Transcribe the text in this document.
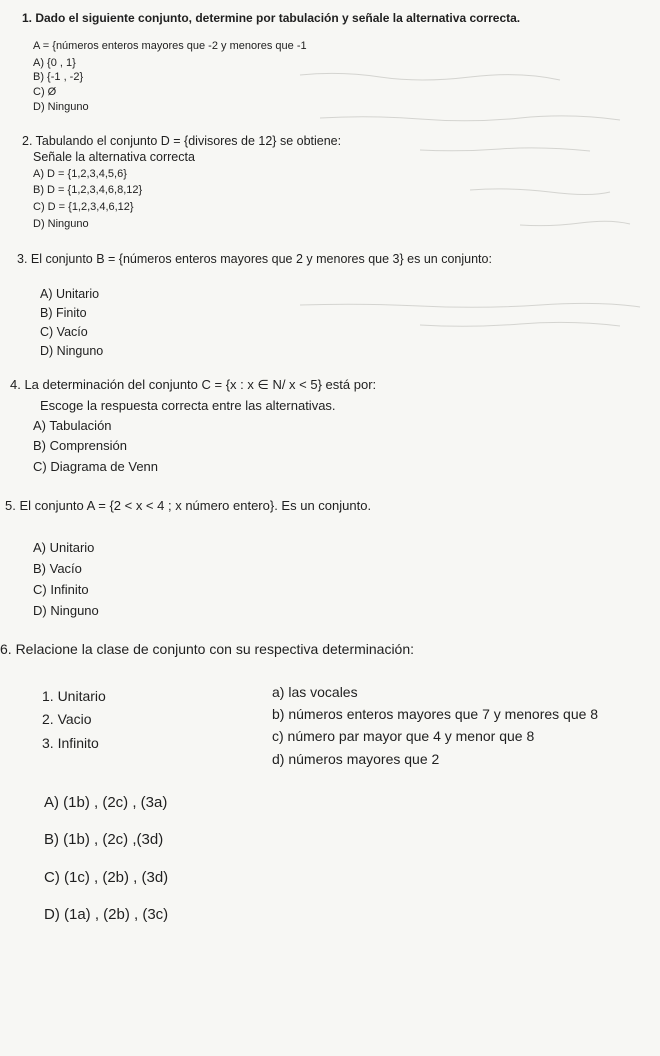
1. Dado el siguiente conjunto, determine por tabulación y señale la alternativa correcta.
A = {números enteros mayores que -2 y menores que -1
A) {0 , 1}
B) {-1 , -2}
C) Ø
D) Ninguno
2. Tabulando el conjunto D = {divisores de 12} se obtiene:
Señale la alternativa correcta
A) D = {1,2,3,4,5,6}
B) D = {1,2,3,4,6,8,12}
C) D = {1,2,3,4,6,12}
D) Ninguno
3. El conjunto B = {números enteros mayores que 2 y menores que 3} es un conjunto:
A) Unitario
B) Finito
C) Vacío
D) Ninguno
4. La determinación del conjunto C = {x : x ∈ N/ x < 5} está por:
Escoge la respuesta correcta entre las alternativas.
A) Tabulación
B) Comprensión
C) Diagrama de Venn
5. El conjunto A = {2 < x < 4 ; x número entero}. Es un conjunto.
A) Unitario
B) Vacío
C) Infinito
D) Ninguno
6. Relacione la clase de conjunto con su respectiva determinación:
1. Unitario
2. Vacio
3. Infinito
a) las vocales
b) números enteros mayores que 7 y menores que 8
c) número par mayor que 4 y menor que 8
d) números mayores que 2
A) (1b) , (2c) , (3a)
B) (1b) , (2c) ,(3d)
C) (1c) , (2b) , (3d)
D) (1a) , (2b) , (3c)
